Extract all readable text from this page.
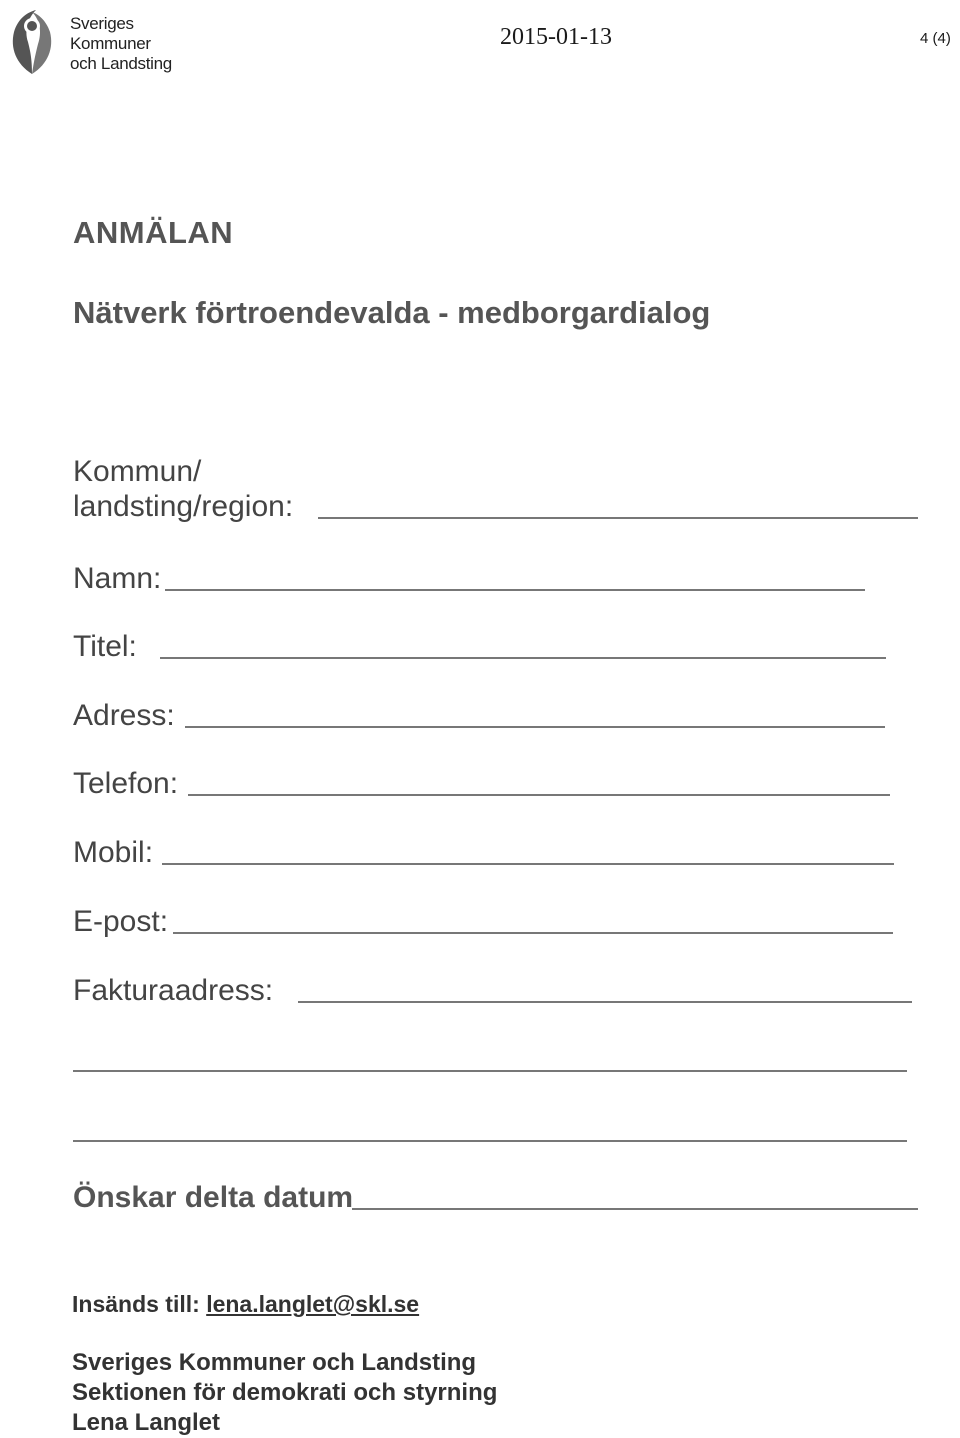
Sveriges
Kommuner
och Landsting
2015-01-13	4 (4)
ANMÄLAN
Nätverk förtroendevalda - medborgardialog
Kommun/
landsting/region:
Namn:
Titel:
Adress:
Telefon:
Mobil:
E-post:
Fakturaadress:
Önskar delta datum
Insänds till: lena.langlet@skl.se
Sveriges Kommuner och Landsting
Sektionen för demokrati och styrning
Lena Langlet
